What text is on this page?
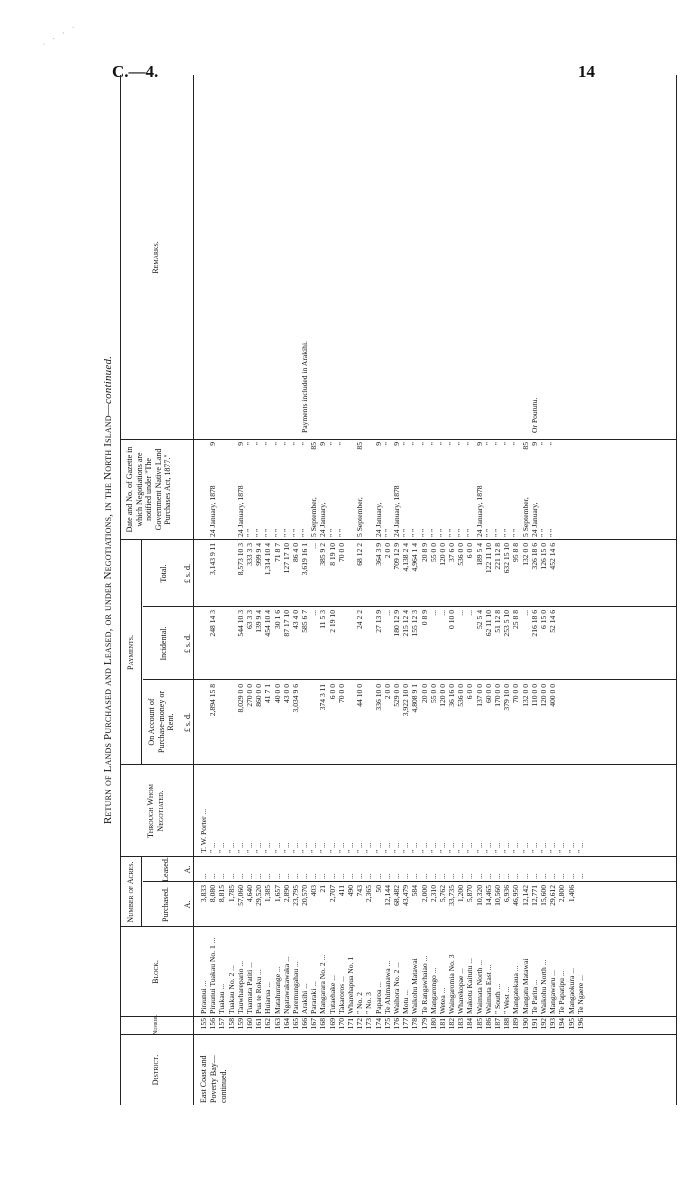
· · · ·
C.—4.	14
Return of Lands Purchased and Leased, or under Negotiations, in the North Island—continued.
District.
Number.
Block.
Number of Acres.	Purchased.
Leased.
Through Whom Negotiated.
Payments.
On Account of Purchase-money or Rent.
Incidental.
Total.
Date and No. of Gazette in which Negotiations are notified under "The Government Native Land Purchases Act, 1877."
Remarks.
A.
A.
£ s. d.
£ s. d.
£ s. d.
East Coast and Poverty Bay—continued.
155
Piraunui ...
3,833
...
T. W. Porter ...
156
Piraunui Tuakau No. 1 ...
8,080
...
" ...
2,894 15 8
248 14 3
3,143 9 11
24 January, 1878
9
157
Tuakau ...
8,815
...
" ...
158
Tuakau No. 2 ...
1,785
...
" ...
159
Tauwharepario ...
57,060
...
" ...
8,029 0 0
544 10 3
8,573 10 3
24 January, 1878
9
160
Tuamata Patiti ...
4,640
...
" ...
270 0 0
63 3 3
333 3 3
" "
"
161
Pua te Roku ...
29,520
...
" ...
860 0 0
139 9 4
999 9 4
" "
"
162
Huiarua ...
1,385
...
" ...
41 7 1
454 10 4
1,314 10 4
" "
"
163
Matahurange ...
1,657
...
" ...
40 0 0
30 1 6
71 8 7
" "
"
164
Ngatawakawaka ...
2,890
...
" ...
43 0 0
87 17 10
127 17 10
" "
"
165
Paremungahau ...
23,795
...
" ...
3,034 9 6
43 4 0
86 4 0
" "
"
166
Arakihi ...
20,570
...
" ...
585 6 7
3,619 16 1
" "
"
Payments included in Arakihi.
167
Pararaki ...
403
...
" ...
...
...
5 September,
85
168
Mangarara No. 2 ...
21
...
" ...
374 3 11
11 5 3
385 9 2
24 January,
9
169
Tutaehake ...
2,707
...
" ...
6 0 0
2 19 10
8 19 10
" "
"
170
Takaroros ...
411
...
" ...
70 0 0
70 0 0
" "
"
171
Wharehapua No. 1
490
...
" ...
172
" No. 2
743
...
" ...
44 10 0
24 2 2
68 12 2
5 September,
85
173
" No. 3
2,365
...
" ...
174
Paparoa ...
50
...
" ...
336 10 0
27 13 9
364 3 9
24 January,
9
175
Te Ahimanawa ...
12,144
...
" ...
2 0 0
...
2 0 0
" "
"
176
Waihora No. 2 ...
68,482
...
" ...
529 0 0
180 12 9
709 12 9
24 January, 1878
9
177
Motu ...
43,479
...
" ...
3,922 10 0
215 12 4
4,138 2 4
" "
"
178
Waikohu Matawai
584
...
" ...
4,808 9 1
155 12 3
4,964 1 4
" "
"
179
Te Rangawhaiao ...
2,000
...
" ...
20 0 0
0 8 9
20 8 9
" "
"
180
Mangarongo ...
2,310
...
" ...
55 0 0
...
55 0 0
" "
"
181
Wetea ...
5,762
...
" ...
120 0 0
...
120 0 0
" "
"
182
Waingaromia No. 3
33,735
...
" ...
36 16 0
0 10 0
37 6 0
" "
"
183
Wharekopae ...
1,200
...
" ...
536 0 0
...
536 0 0
" "
"
184
Makotu Kaitutu ...
5,870
...
" ...
6 0 0
...
6 0 0
" "
"
185
Waimata North ...
10,320
...
" ...
137 0 0
52 5 4
189 5 4
24 January, 1878
9
186
Waimata East ...
14,465
...
" ...
60 0 0
62 11 10
122 11 10
" "
"
187
" South ...
10,560
...
" ...
170 0 0
51 12 8
221 12 8
" "
"
188
" West ...
6,936
...
" ...
379 10 0
253 5 10
632 15 10
" "
"
189
Mangatekaua ...
46,950
...
" ...
70 0 0
25 8 8
95 8 8
" "
"
190
Mangatu Matawai
12,142
...
" ...
132 0 0
...
132 0 0
5 September,
85
191
Te Parita ...
12,771
...
" ...
110 0 0
216 18 6
326 18 6
24 January,
9
Or Poututu.
192
Waikohu North ...
15,600
...
" ...
120 0 0
6 15 0
126 15 0
" "
"
193
Mangawaru ...
29,612
...
" ...
400 0 0
52 14 6
452 14 6
" "
"
194
Te Papatipu ...
2,800
...
" ...
195
Mangaokura ...
1,406
...
" ...
196
Te Ngaere ...
...
" ...
